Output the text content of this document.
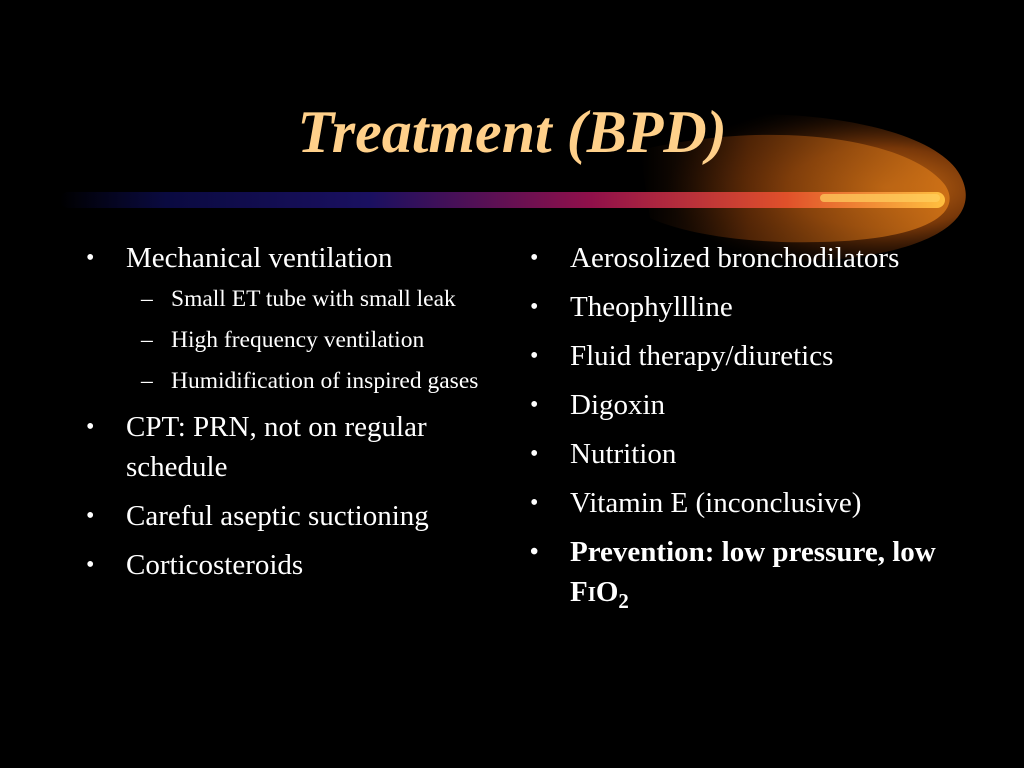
Treatment (BPD)
•	Mechanical ventilation
– Small ET tube with small leak
– High frequency ventilation
– Humidification of inspired gases
•	CPT: PRN, not on regular schedule
•	Careful aseptic suctioning
•	Corticosteroids
•	Aerosolized bronchodilators
•	Theophyllline
•	Fluid therapy/diuretics
•	Digoxin
•	Nutrition
•	Vitamin E (inconclusive)
•	Prevention: low pressure, low $FIO_2$
